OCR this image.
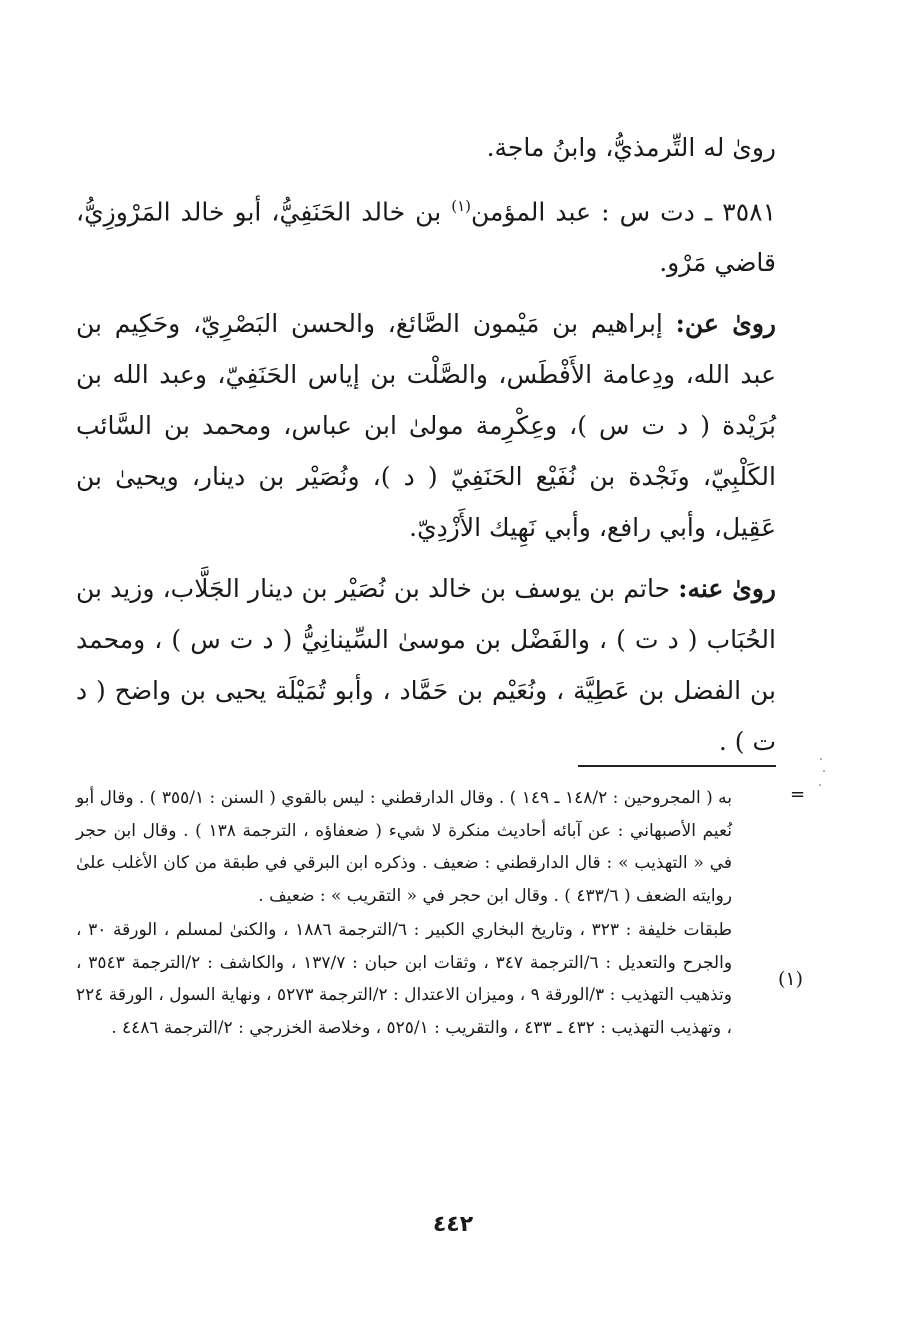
رویٰ له التِّرمذيُّ، وابنُ ماجة.

٣٥٨١ ـ دت س : عبد المؤمن$^{(١)}$ بن خالد الحَنَفِيُّ، أبو خالد المَرْوزِيُّ، قاضي مَرْو.

رویٰ عن: إبراهيم بن مَيْمون الصَّائغ، والحسن البَصْرِيّ، وحَكِيم بن عبد الله، ودِعامة الأَفْطَس، والصَّلْت بن إياس الحَنَفِيّ، وعبد الله بن بُرَيْدة ( د ت س )، وعِكْرِمة مولىٰ ابن عباس، ومحمد بن السَّائب الكَلْبِيّ، ونَجْدة بن نُفَيْع الحَنَفِيّ ( د )، ونُصَيْر بن دينار، ويحيىٰ بن عَقِيل، وأبي رافع، وأبي نَهِيك الأَزْدِيّ.

رویٰ عنه: حاتم بن يوسف بن خالد بن نُصَيْر بن دينار الجَلَّاب، وزيد بن الحُبَاب ( د ت ) ، والفَضْل بن موسىٰ السِّينانِيُّ ( د ت س ) ، ومحمد بن الفضل بن عَطِيَّة ، ونُعَيْم بن حَمَّاد ، وأبو تُمَيْلَة يحيى بن واضح ( د ت ) .

=

به ( المجروحين : ١٤٨/٢ ـ ١٤٩ ) . وقال الدارقطني : ليس بالقوي ( السنن : ٣٥٥/١ ) . وقال أبو نُعيم الأصبهاني : عن آبائه أحاديث منكرة لا شيء ( ضعفاؤه ، الترجمة ١٣٨ ) . وقال ابن حجر في « التهذيب » : قال الدارقطني : ضعيف . وذكره ابن البرقي في طبقة من كان الأغلب علىٰ روايته الضعف ( ٤٣٣/٦ ) . وقال ابن حجر في « التقريب » : ضعيف .

طبقات خليفة : ٣٢٣ ، وتاريخ البخاري الكبير : ٦/الترجمة ١٨٨٦ ، والكنىٰ لمسلم ، الورقة ٣٠ ، والجرح والتعديل : ٦/الترجمة ٣٤٧ ، وثقات ابن حبان : ١٣٧/٧ ، والكاشف : ٢/الترجمة ٣٥٤٣ ، وتذهيب التهذيب : ٣/الورقة ٩ ، وميزان الاعتدال : ٢/الترجمة ٥٢٧٣ ، ونهاية السول ، الورقة ٢٢٤ ، وتهذيب التهذيب : ٤٣٢ ـ ٤٣٣ ، والتقريب : ٥٢٥/١ ، وخلاصة الخزرجي : ٢/الترجمة ٤٤٨٦ .

(١)
٤٤٢
